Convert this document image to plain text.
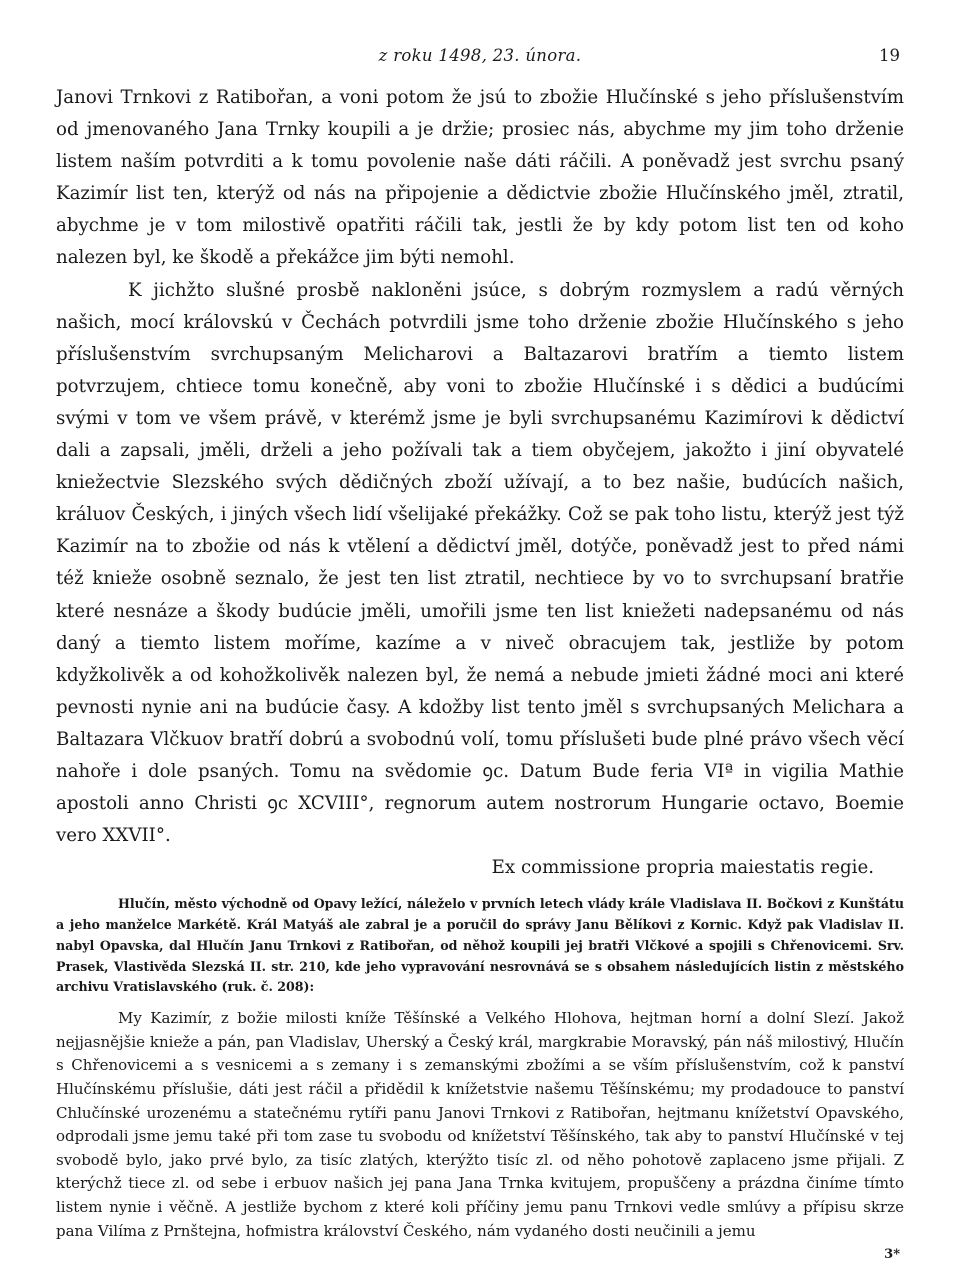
z roku 1498, 23. února.	19

Janovi Trnkovi z Ratibořan, a voni potom že jsú to zbožie Hlučínské s jeho příslušenstvím od jmenovaného Jana Trnky koupili a je držie; prosiec nás, abychme my jim toho drženie listem naším potvrditi a k tomu povolenie naše dáti ráčili. A poněvadž jest svrchu psaný Kazimír list ten, kterýž od nás na připojenie a dědictvie zbožie Hlučínského jměl, ztratil, abychme je v tom milostivě opatřiti ráčili tak, jestli že by kdy potom list ten od koho nalezen byl, ke škodě a překážce jim býti nemohl.

K jichžto slušné prosbě nakloněni jsúce, s dobrým rozmyslem a radú věrných našich, mocí královskú v Čechách potvrdili jsme toho drženie zbožie Hlučínského s jeho příslušenstvím svrchupsaným Melicharovi a Baltazarovi bratřím a tiemto listem potvrzujem, chtiece tomu konečně, aby voni to zbožie Hlučínské i s dědici a budúcími svými v tom ve všem právě, v kterémž jsme je byli svrchupsanému Kazimírovi k dědictví dali a zapsali, jměli, drželi a jeho požívali tak a tiem obyčejem, jakožto i jiní obyvatelé kniežectvie Slezského svých dědičných zboží užívají, a to bez našie, budúcích našich, králuov Českých, i jiných všech lidí všelijaké překážky. Což se pak toho listu, kterýž jest týž Kazimír na to zbožie od nás k vtělení a dědictví jměl, dotýče, poněvadž jest to před námi též knieže osobně seznalo, že jest ten list ztratil, nechtiece by vo to svrchupsaní bratřie které nesnáze a škody budúcie jměli, umořili jsme ten list kniežeti nadepsanému od nás daný a tiemto listem moříme, kazíme a v niveč obracujem tak, jestliže by potom kdyžkolivěk a od kohožkolivěk nalezen byl, že nemá a nebude jmieti žádné moci ani které pevnosti nynie ani na budúcie časy. A kdožby list tento jměl s svrchupsaných Melichara a Baltazara Vlčkuov bratří dobrú a svobodnú volí, tomu příslušeti bude plné právo všech věcí nahoře i dole psaných. Tomu na svědomie ꝯc. Datum Bude feria VIª in vigilia Mathie apostoli anno Christi ꝯc XCVIII°, regnorum autem nostrorum Hungarie octavo, Boemie vero XXVII°.

Ex commissione propria maiestatis regie.

Hlučín, město východně od Opavy ležící, náleželo v prvních letech vlády krále Vladislava II. Bočkovi z Kunštátu a jeho manželce Markétě. Král Matyáš ale zabral je a poručil do správy Janu Bělíkovi z Kornic. Když pak Vladislav II. nabyl Opavska, dal Hlučín Janu Trnkovi z Ratibořan, od něhož koupili jej bratři Vlčkové a spojili s Chřenovicemi. Srv. Prasek, Vlastivěda Slezská II. str. 210, kde jeho vypravování nesrovnává se s obsahem následujících listin z městského archivu Vratislavského (ruk. č. 208):

My Kazimír, z božie milosti kníže Těšínské a Velkého Hlohova, hejtman horní a dolní Slezí. Jakož nejjasnějšie knieže a pán, pan Vladislav, Uherský a Český král, margkrabie Moravský, pán náš milostivý, Hlučín s Chřenovicemi a s vesnicemi a s zemany i s zemanskými zbožími a se vším příslušenstvím, což k panství Hlučínskému příslušie, dáti jest ráčil a přidědil k knížetstvie našemu Těšínskému; my prodadouce to panství Chlučínské urozenému a statečnému rytíři panu Janovi Trnkovi z Ratibořan, hejtmanu knížetství Opavského, odprodali jsme jemu také při tom zase tu svobodu od knížetství Těšínského, tak aby to panství Hlučínské v tej svobodě bylo, jako prvé bylo, za tisíc zlatých, kterýžto tisíc zl. od něho pohotově zaplaceno jsme přijali. Z kterýchž tiece zl. od sebe i erbuov našich jej pana Jana Trnka kvitujem, propuščeny a prázdna činíme tímto listem nynie i věčně. A jestliže bychom z které koli příčiny jemu panu Trnkovi vedle smlúvy a přípisu skrze pana Vilíma z Prnštejna, hofmistra království Českého, nám vydaného dosti neučinili a jemu

3*
